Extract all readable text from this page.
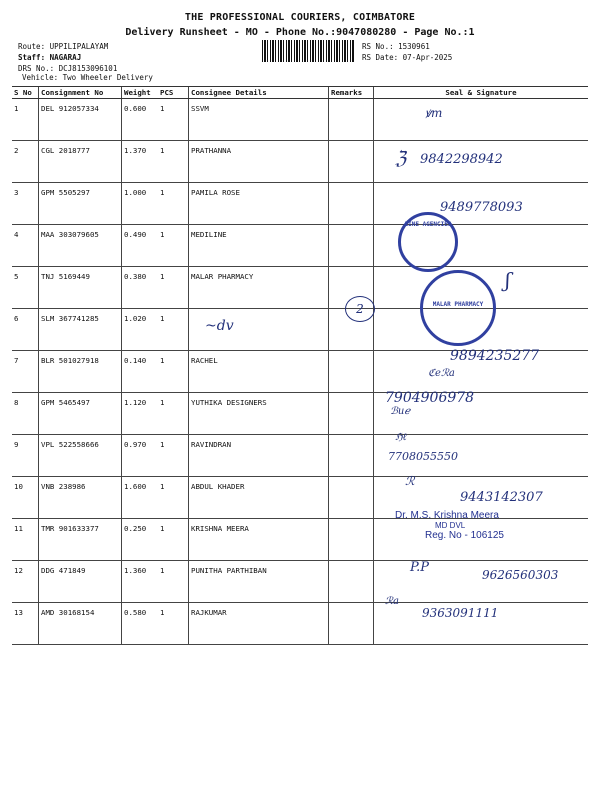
THE PROFESSIONAL COURIERS, COIMBATORE
Delivery Runsheet - MO - Phone No.:9047080280 - Page No.:1
Route: UPPILIPALAYAM
Staff: NAGARAJ
DRS No.: DCJ8153096101
Vehicle: Two Wheeler Delivery
RS No.: 1530961
RS Date: 07-Apr-2025
S No	Consignment No	Weight	PCS	Consignee Details	Remarks	Seal & Signature
1	DEL 912057334	0.600	1	SSVM		
2	CGL 2018777	1.370	1	PRATHANNA		
3	GPM 5505297	1.000	1	PAMILA ROSE		
4	MAA 303079605	0.490	1	MEDILINE		
5	TNJ 5169449	0.380	1	MALAR PHARMACY		
6	SLM 367741285	1.020	1			
7	BLR 501027918	0.140	1	RACHEL		
8	GPM 5465497	1.120	1	YUTHIKA DESIGNERS		
9	VPL 522558666	0.970	1	RAVINDRAN		
10	VNB 238986	1.600	1	ABDUL KHADER		
11	TMR 901633377	0.250	1	KRISHNA MEERA		
12	DDG 471849	1.360	1	PUNITHA PARTHIBAN		
13	AMD 30168154	0.580	1	RAJKUMAR		
ꝟm
ℨ 9842298942
9489778093
LINE AGENCIES
MALAR PHARMACY
ʃ
~dv
2
9894235277
ℭeℛa
7904906978
ℬuℯ
ℌℓ
7708055550
ℛ
9443142307
Dr. M.S. Krishna Meera
MD DVL
Reg. No - 106125
P.P	9626560303
ℛa
9363091111
